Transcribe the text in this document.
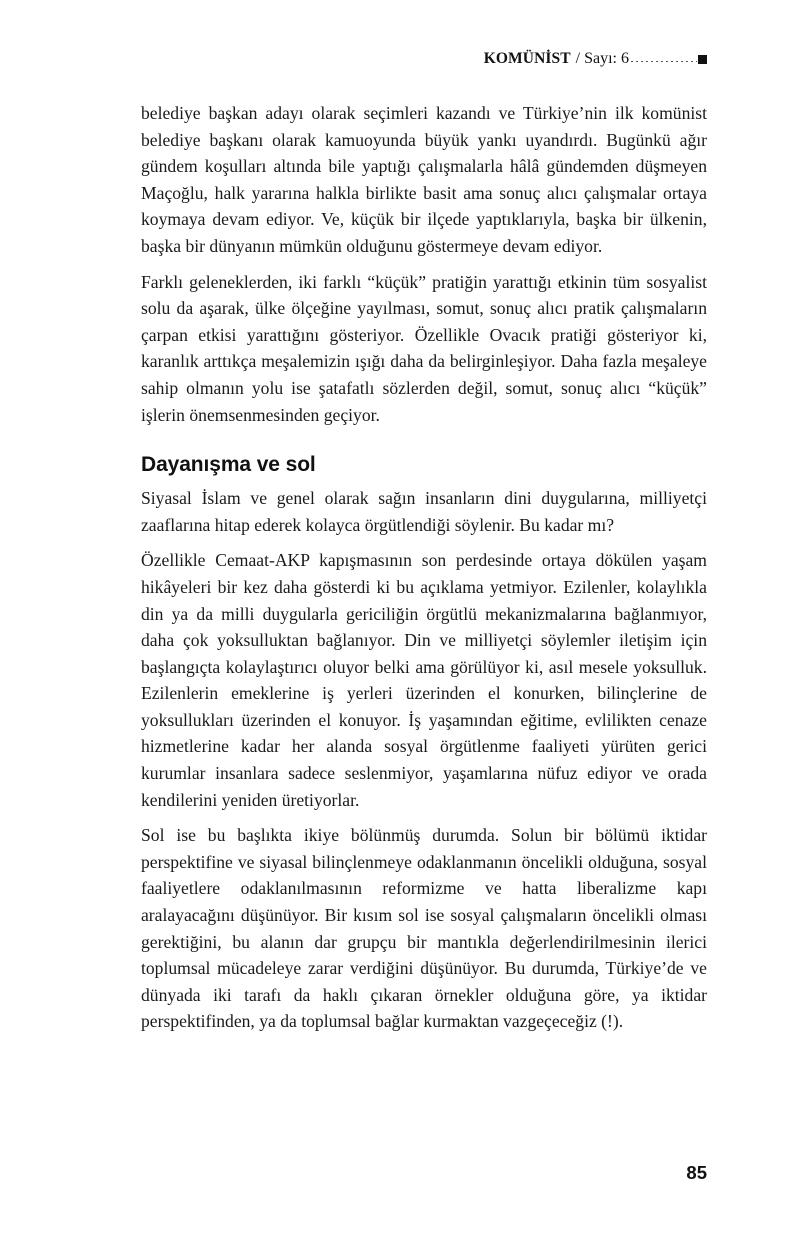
KOMÜNİST / Sayı: 6

belediye başkan adayı olarak seçimleri kazandı ve Türkiye’nin ilk komünist belediye başkanı olarak kamuoyunda büyük yankı uyandırdı. Bugünkü ağır gündem koşulları altında bile yaptığı çalışmalarla hâlâ gündemden düşmeyen Maçoğlu, halk yararına halkla birlikte basit ama sonuç alıcı çalışmalar ortaya koymaya devam ediyor. Ve, küçük bir ilçede yaptıklarıyla, başka bir ülkenin, başka bir dünyanın mümkün olduğunu göstermeye devam ediyor.

Farklı geleneklerden, iki farklı “küçük” pratiğin yarattığı etkinin tüm sosyalist solu da aşarak, ülke ölçeğine yayılması, somut, sonuç alıcı pratik çalışmaların çarpan etkisi yarattığını gösteriyor. Özellikle Ovacık pratiği gösteriyor ki, karanlık arttıkça meşalemizin ışığı daha da belirginleşiyor. Daha fazla meşaleye sahip olmanın yolu ise şatafatlı sözlerden değil, somut, sonuç alıcı “küçük” işlerin önemsenmesinden geçiyor.

Dayanışma ve sol

Siyasal İslam ve genel olarak sağın insanların dini duygularına, milliyetçi zaaflarına hitap ederek kolayca örgütlendiği söylenir. Bu kadar mı?

Özellikle Cemaat-AKP kapışmasının son perdesinde ortaya dökülen yaşam hikâyeleri bir kez daha gösterdi ki bu açıklama yetmiyor. Ezilenler, kolaylıkla din ya da milli duygularla gericiliğin örgütlü mekanizmalarına bağlanmıyor, daha çok yoksulluktan bağlanıyor. Din ve milliyetçi söylemler iletişim için başlangıçta kolaylaştırıcı oluyor belki ama görülüyor ki, asıl mesele yoksulluk. Ezilenlerin emeklerine iş yerleri üzerinden el konurken, bilinçlerine de yoksullukları üzerinden el konuyor. İş yaşamından eğitime, evlilikten cenaze hizmetlerine kadar her alanda sosyal örgütlenme faaliyeti yürüten gerici kurumlar insanlara sadece seslenmiyor, yaşamlarına nüfuz ediyor ve orada kendilerini yeniden üretiyorlar.

Sol ise bu başlıkta ikiye bölünmüş durumda. Solun bir bölümü iktidar perspektifine ve siyasal bilinçlenmeye odaklanmanın öncelikli olduğuna, sosyal faaliyetlere odaklanılmasının reformizme ve hatta liberalizme kapı aralayacağını düşünüyor. Bir kısım sol ise sosyal çalışmaların öncelikli olması gerektiğini, bu alanın dar grupçu bir mantıkla değerlendirilmesinin ilerici toplumsal mücadeleye zarar verdiğini düşünüyor. Bu durumda, Türkiye’de ve dünyada iki tarafı da haklı çıkaran örnekler olduğuna göre, ya iktidar perspektifinden, ya da toplumsal bağlar kurmaktan vazgeçeceğiz (!).

85
